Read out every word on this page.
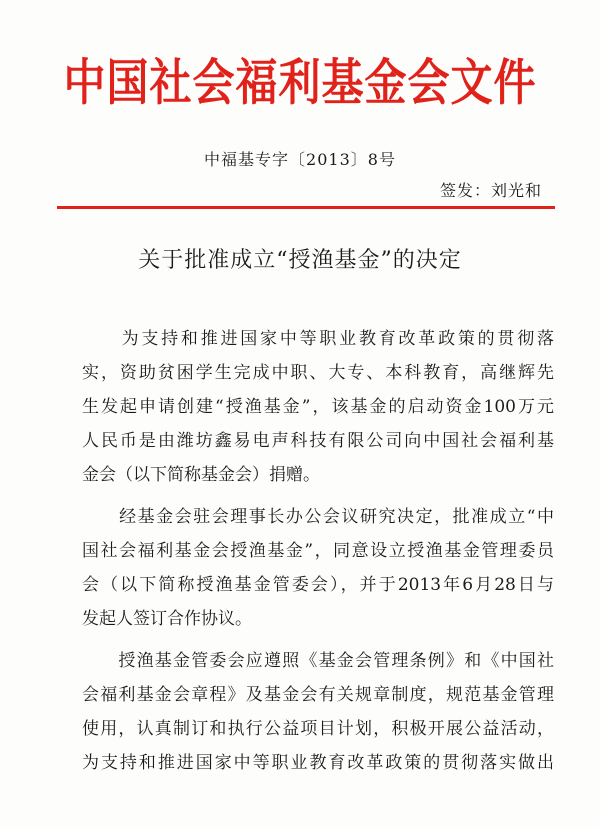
中国社会福利基金会文件
中福基专字〔2013〕8号
签发：刘光和
关于批准成立“授渔基金”的决定
　　为支持和推进国家中等职业教育改革政策的贯彻落
实，资助贫困学生完成中职、大专、本科教育，高继辉先
生发起申请创建“授渔基金”，该基金的启动资金100万元
人民币是由潍坊鑫易电声科技有限公司向中国社会福利基
金会（以下简称基金会）捐赠。
　　经基金会驻会理事长办公会议研究决定，批准成立“中
国社会福利基金会授渔基金”，同意设立授渔基金管理委员
会（以下简称授渔基金管委会），并于2013年6月28日与
发起人签订合作协议。
　　授渔基金管委会应遵照《基金会管理条例》和《中国社
会福利基金会章程》及基金会有关规章制度，规范基金管理
使用，认真制订和执行公益项目计划，积极开展公益活动，
为支持和推进国家中等职业教育改革政策的贯彻落实做出
